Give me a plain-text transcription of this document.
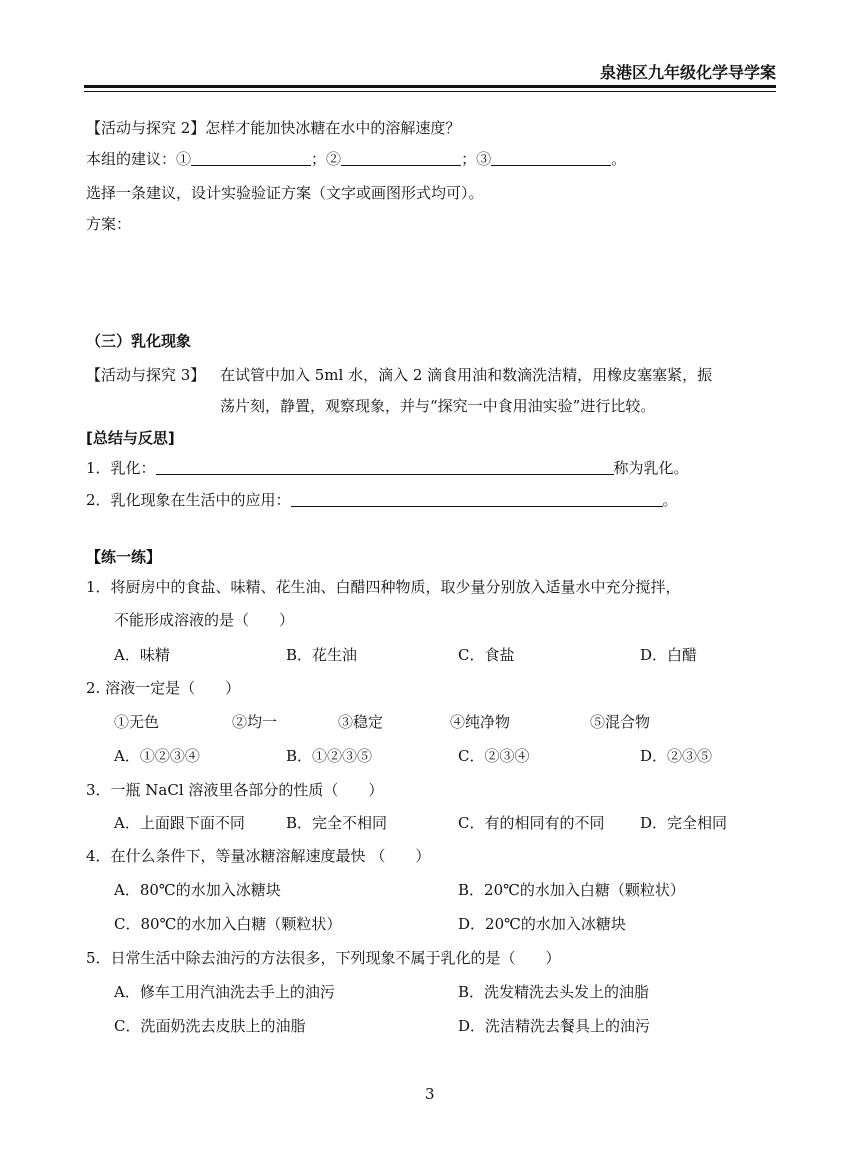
泉港区九年级化学导学案
【活动与探究 2】怎样才能加快冰糖在水中的溶解速度？
本组的建议：①	；②	；③	。
选择一条建议，设计实验验证方案（文字或画图形式均可）。
方案：
（三）乳化现象
【活动与探究 3】 在试管中加入 5ml 水，滴入 2 滴食用油和数滴洗洁精，用橡皮塞塞紧，振
荡片刻，静置，观察现象，并与“探究一中食用油实验”进行比较。
[总结与反思]
1．乳化：	称为乳化。
2．乳化现象在生活中的应用：	。
【练一练】
1．将厨房中的食盐、味精、花生油、白醋四种物质，取少量分别放入适量水中充分搅拌，
不能形成溶液的是（　　）
A．味精	B．花生油	C．食盐	D．白醋
2. 溶液一定是（　　）
①无色	②均一	③稳定	④纯净物	⑤混合物
A．①②③④	B．①②③⑤	C．②③④	D．②③⑤
3．一瓶 NaCl 溶液里各部分的性质（　　）
A．上面跟下面不同	B．完全不相同	C．有的相同有的不同 D．完全相同
4．在什么条件下，等量冰糖溶解速度最快 （　　）
A．80℃的水加入冰糖块	B．20℃的水加入白糖（颗粒状）
C．80℃的水加入白糖（颗粒状）	D．20℃的水加入冰糖块
5．日常生活中除去油污的方法很多，下列现象不属于乳化的是（　　）
A．修车工用汽油洗去手上的油污	B．洗发精洗去头发上的油脂
C．洗面奶洗去皮肤上的油脂	D．洗洁精洗去餐具上的油污
3
